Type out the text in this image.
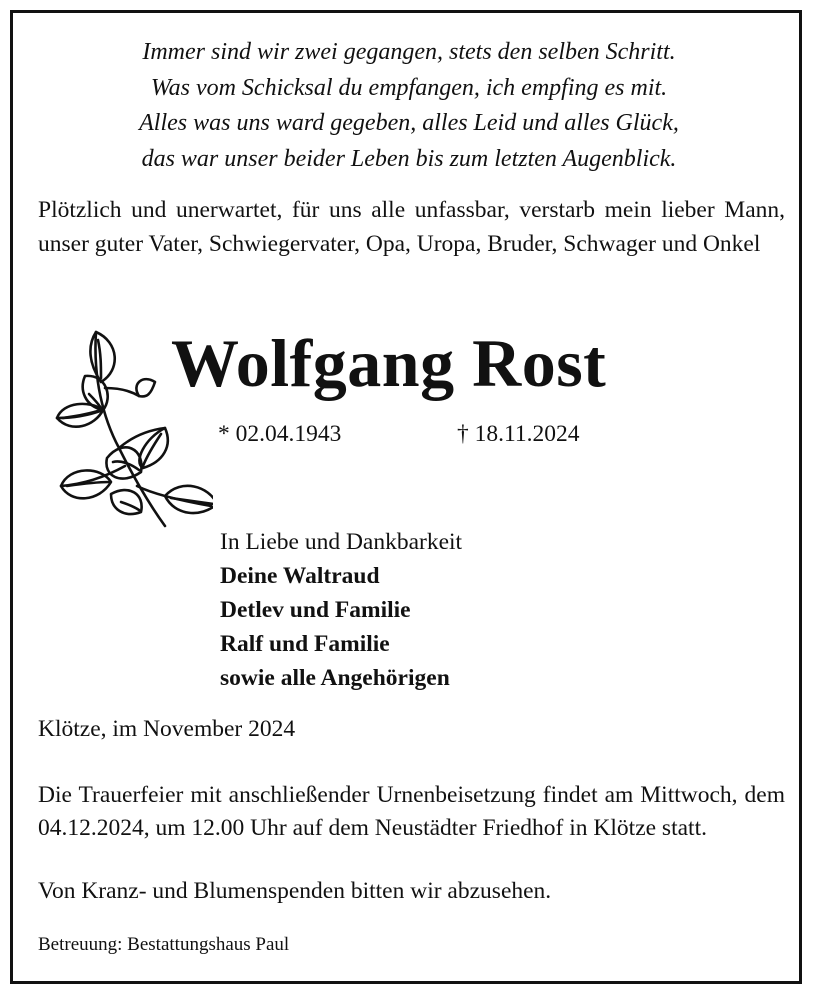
Immer sind wir zwei gegangen, stets den selben Schritt.
Was vom Schicksal du empfangen, ich empfing es mit.
Alles was uns ward gegeben, alles Leid und alles Glück,
das war unser beider Leben bis zum letzten Augenblick.
Plötzlich und unerwartet, für uns alle unfassbar, verstarb mein lieber Mann, unser guter Vater, Schwiegervater, Opa, Uropa, Bruder, Schwager und Onkel
Wolfgang Rost
* 02.04.1943	† 18.11.2024
In Liebe und Dankbarkeit
Deine Waltraud
Detlev und Familie
Ralf und Familie
sowie alle Angehörigen
Klötze, im November 2024
Die Trauerfeier mit anschließender Urnenbeisetzung findet am Mittwoch, dem 04.12.2024, um 12.00 Uhr auf dem Neustädter Friedhof in Klötze statt.
Von Kranz- und Blumenspenden bitten wir abzusehen.
Betreuung: Bestattungshaus Paul
